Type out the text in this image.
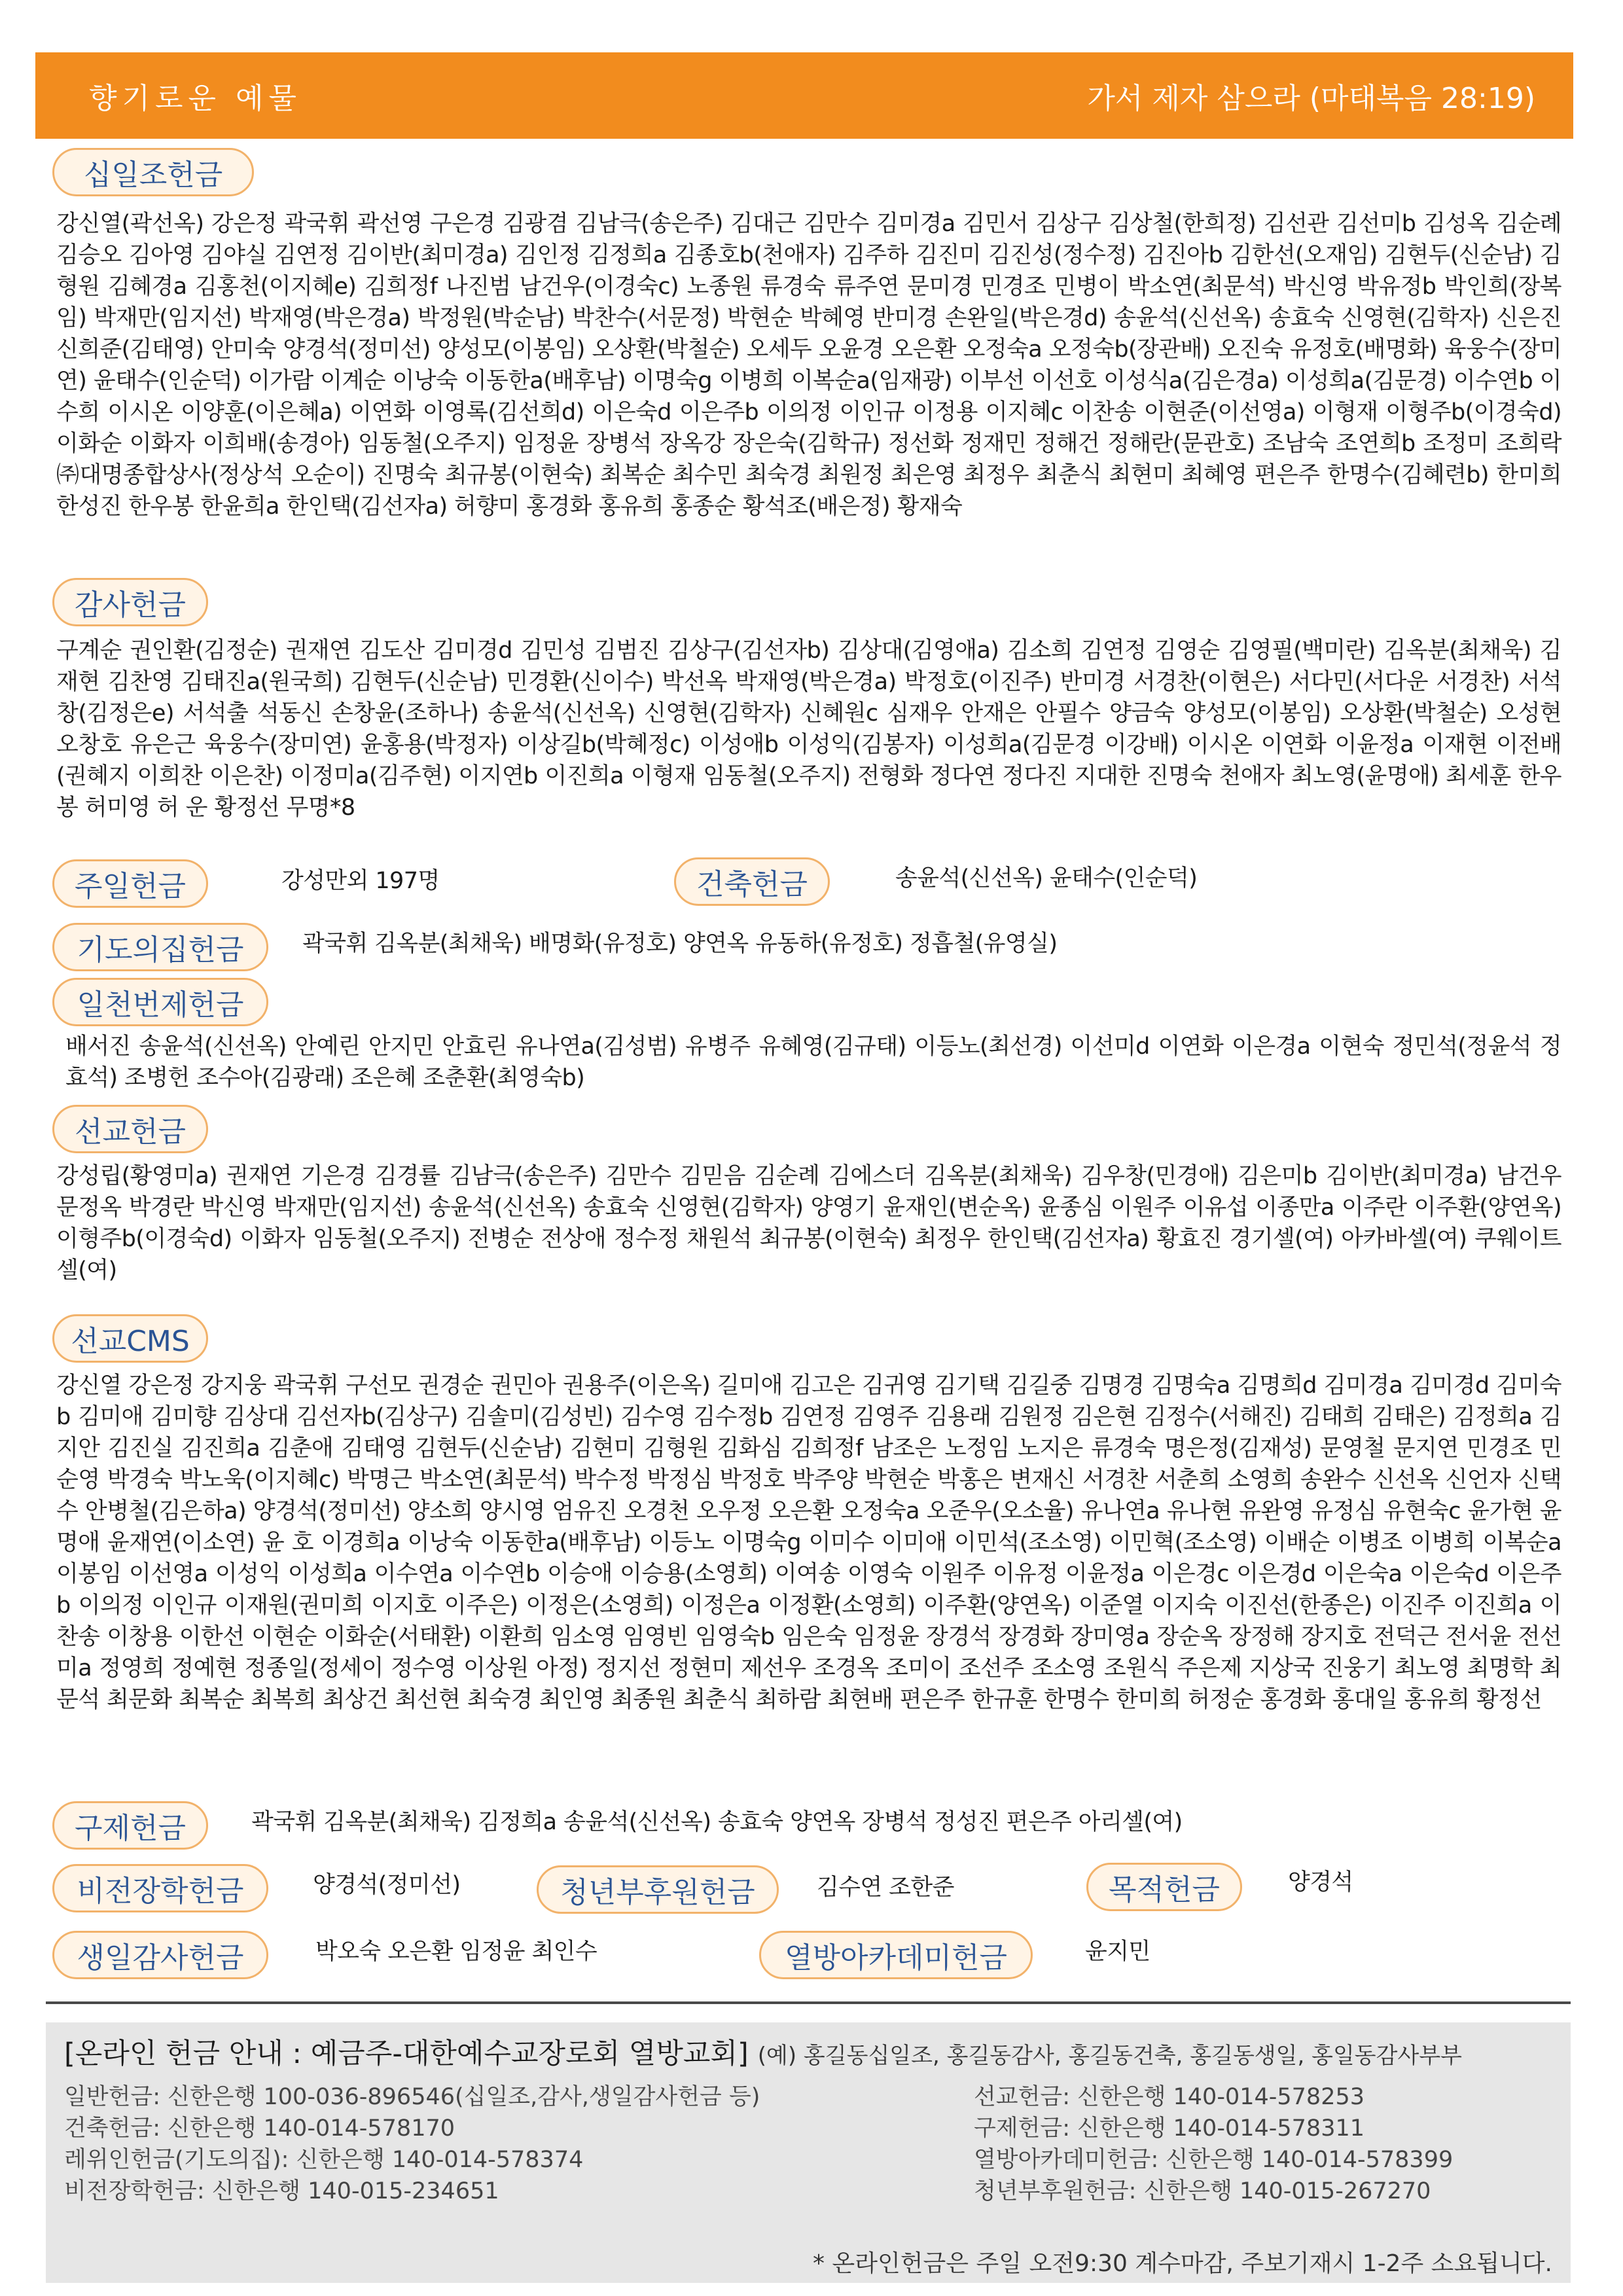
향기로운 예물	가서 제자 삼으라 (마태복음 28:19)
십일조헌금
강신열(곽선옥) 강은정 곽국휘 곽선영 구은경 김광겸 김남극(송은주) 김대근 김만수 김미경a 김민서 김상구 김상철(한희정) 김선관 김선미b 김성옥 김순례 김승오 김아영 김야실 김연정 김이반(최미경a) 김인정 김정희a 김종호b(천애자) 김주하 김진미 김진성(정수정) 김진아b 김한선(오재임) 김현두(신순남) 김형원 김혜경a 김홍천(이지혜e) 김희정f 나진범 남건우(이경숙c) 노종원 류경숙 류주연 문미경 민경조 민병이 박소연(최문석) 박신영 박유정b 박인희(장복임) 박재만(임지선) 박재영(박은경a) 박정원(박순남) 박찬수(서문정) 박현순 박혜영 반미경 손완일(박은경d) 송윤석(신선옥) 송효숙 신영현(김학자) 신은진 신희준(김태영) 안미숙 양경석(정미선) 양성모(이봉임) 오상환(박철순) 오세두 오윤경 오은환 오정숙a 오정숙b(장관배) 오진숙 유정호(배명화) 육웅수(장미연) 윤태수(인순덕) 이가람 이계순 이낭숙 이동한a(배후남) 이명숙g 이병희 이복순a(임재광) 이부선 이선호 이성식a(김은경a) 이성희a(김문경) 이수연b 이수희 이시온 이양훈(이은혜a) 이연화 이영록(김선희d) 이은숙d 이은주b 이의정 이인규 이정용 이지혜c 이찬송 이현준(이선영a) 이형재 이형주b(이경숙d) 이화순 이화자 이희배(송경아) 임동철(오주지) 임정윤 장병석 장옥강 장은숙(김학규) 정선화 정재민 정해건 정해란(문관호) 조남숙 조연희b 조정미 조희락 ㈜대명종합상사(정상석 오순이) 진명숙 최규봉(이현숙) 최복순 최수민 최숙경 최원정 최은영 최정우 최춘식 최현미 최혜영 편은주 한명수(김혜련b) 한미희 한성진 한우봉 한윤희a 한인택(김선자a) 허향미 홍경화 홍유희 홍종순 황석조(배은정) 황재숙
감사헌금
구계순 권인환(김정순) 권재연 김도산 김미경d 김민성 김범진 김상구(김선자b) 김상대(김영애a) 김소희 김연정 김영순 김영필(백미란) 김옥분(최채욱) 김재현 김찬영 김태진a(원국희) 김현두(신순남) 민경환(신이수) 박선옥 박재영(박은경a) 박정호(이진주) 반미경 서경찬(이현은) 서다민(서다운 서경찬) 서석창(김정은e) 서석출 석동신 손창윤(조하나) 송윤석(신선옥) 신영현(김학자) 신혜원c 심재우 안재은 안필수 양금숙 양성모(이봉임) 오상환(박철순) 오성현 오창호 유은근 육웅수(장미연) 윤홍용(박정자) 이상길b(박혜정c) 이성애b 이성익(김봉자) 이성희a(김문경 이강배) 이시온 이연화 이윤정a 이재현 이전배(권혜지 이희찬 이은찬) 이정미a(김주현) 이지연b 이진희a 이형재 임동철(오주지) 전형화 정다연 정다진 지대한 진명숙 천애자 최노영(윤명애) 최세훈 한우봉 허미영 허 운 황정선 무명*8
주일헌금	강성만외 197명	건축헌금	송윤석(신선옥) 윤태수(인순덕)
기도의집헌금	곽국휘 김옥분(최채욱) 배명화(유정호) 양연옥 유동하(유정호) 정흡철(유영실)
일천번제헌금
배서진 송윤석(신선옥) 안예린 안지민 안효린 유나연a(김성범) 유병주 유혜영(김규태) 이등노(최선경) 이선미d 이연화 이은경a 이현숙 정민석(정윤석 정효석) 조병헌 조수아(김광래) 조은혜 조춘환(최영숙b)
선교헌금
강성립(황영미a) 권재연 기은경 김경률 김남극(송은주) 김만수 김믿음 김순례 김에스더 김옥분(최채욱) 김우창(민경애) 김은미b 김이반(최미경a) 남건우 문정옥 박경란 박신영 박재만(임지선) 송윤석(신선옥) 송효숙 신영현(김학자) 양영기 윤재인(변순옥) 윤종심 이원주 이유섭 이종만a 이주란 이주환(양연옥) 이형주b(이경숙d) 이화자 임동철(오주지) 전병순 전상애 정수정 채원석 최규봉(이현숙) 최정우 한인택(김선자a) 황효진 경기셀(여) 아카바셀(여) 쿠웨이트셀(여)
선교CMS
강신열 강은정 강지웅 곽국휘 구선모 권경순 권민아 권용주(이은옥) 길미애 김고은 김귀영 김기택 김길중 김명경 김명숙a 김명희d 김미경a 김미경d 김미숙b 김미애 김미향 김상대 김선자b(김상구) 김솔미(김성빈) 김수영 김수정b 김연정 김영주 김용래 김원정 김은현 김정수(서해진) 김태희 김태은) 김정희a 김지안 김진실 김진희a 김춘애 김태영 김현두(신순남) 김현미 김형원 김화심 김희정f 남조은 노정임 노지은 류경숙 명은정(김재성) 문영철 문지연 민경조 민순영 박경숙 박노욱(이지혜c) 박명근 박소연(최문석) 박수정 박정심 박정호 박주양 박현순 박홍은 변재신 서경찬 서춘희 소영희 송완수 신선옥 신언자 신택수 안병철(김은하a) 양경석(정미선) 양소희 양시영 엄유진 오경천 오우정 오은환 오정숙a 오준우(오소율) 유나연a 유나현 유완영 유정심 유현숙c 윤가현 윤명애 윤재연(이소연) 윤 호 이경희a 이낭숙 이동한a(배후남) 이등노 이명숙g 이미수 이미애 이민석(조소영) 이민혁(조소영) 이배순 이병조 이병희 이복순a 이봉임 이선영a 이성익 이성희a 이수연a 이수연b 이승애 이승용(소영희) 이여송 이영숙 이원주 이유정 이윤정a 이은경c 이은경d 이은숙a 이은숙d 이은주b 이의정 이인규 이재원(권미희 이지호 이주은) 이정은(소영희) 이정은a 이정환(소영희) 이주환(양연옥) 이준열 이지숙 이진선(한종은) 이진주 이진희a 이찬송 이창용 이한선 이현순 이화순(서태환) 이환희 임소영 임영빈 임영숙b 임은숙 임정윤 장경석 장경화 장미영a 장순옥 장정해 장지호 전덕근 전서윤 전선미a 정영희 정예현 정종일(정세이 정수영 이상원 아정) 정지선 정현미 제선우 조경옥 조미이 조선주 조소영 조원식 주은제 지상국 진웅기 최노영 최명학 최문석 최문화 최복순 최복희 최상건 최선현 최숙경 최인영 최종원 최춘식 최하람 최현배 편은주 한규훈 한명수 한미희 허정순 홍경화 홍대일 홍유희 황정선
구제헌금	곽국휘 김옥분(최채욱) 김정희a 송윤석(신선옥) 송효숙 양연옥 장병석 정성진 편은주 아리셀(여)
비전장학헌금	양경석(정미선)	청년부후원헌금	김수연 조한준	목적헌금	양경석
생일감사헌금	박오숙 오은환 임정윤 최인수	열방아카데미헌금	윤지민
[온라인 헌금 안내 : 예금주-대한예수교장로회 열방교회] (예) 홍길동십일조, 홍길동감사, 홍길동건축, 홍길동생일, 홍일동감사부부
일반헌금: 신한은행 100-036-896546(십일조,감사,생일감사헌금 등)
건축헌금: 신한은행 140-014-578170
레위인헌금(기도의집): 신한은행 140-014-578374
비전장학헌금: 신한은행 140-015-234651
선교헌금: 신한은행 140-014-578253
구제헌금: 신한은행 140-014-578311
열방아카데미헌금: 신한은행 140-014-578399
청년부후원헌금: 신한은행 140-015-267270
* 온라인헌금은 주일 오전9:30 계수마감, 주보기재시 1-2주 소요됩니다.
